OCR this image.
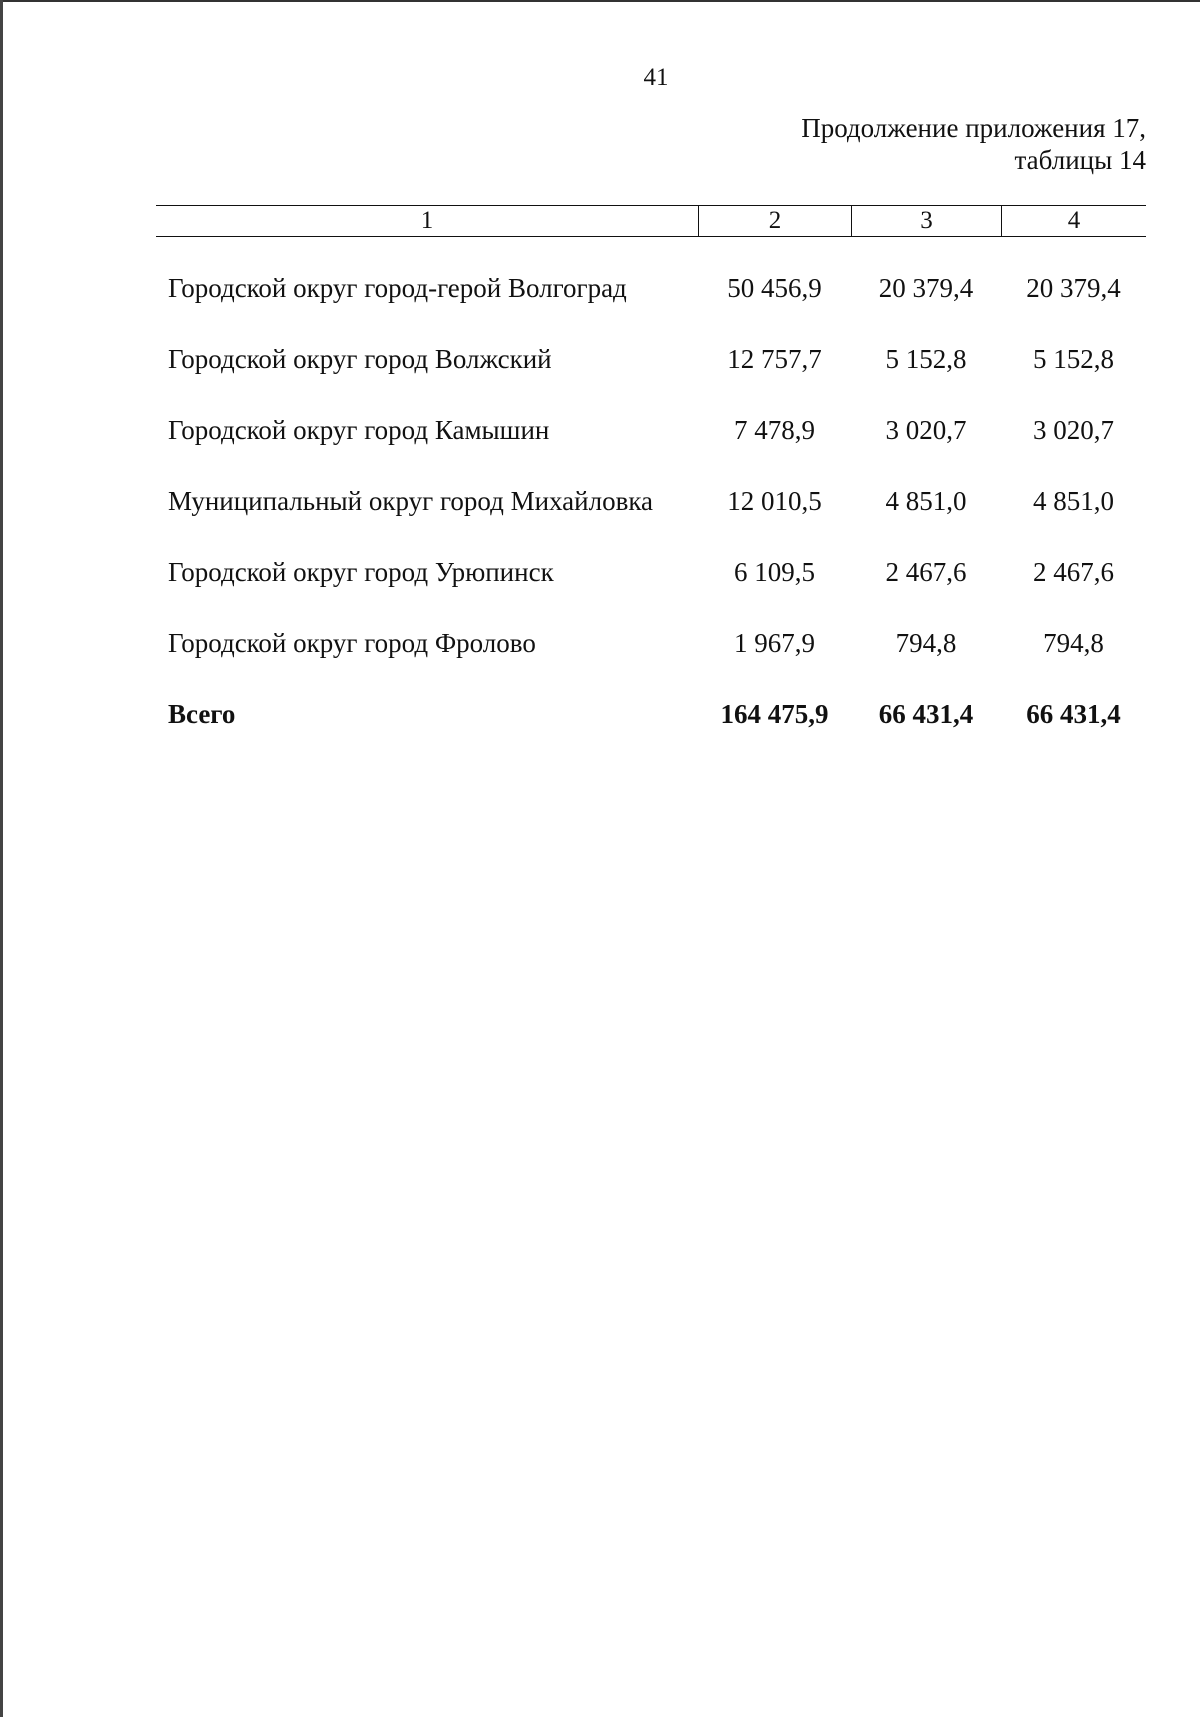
41
Продолжение приложения 17,
таблицы 14
1	2	3	4
Городской округ город-герой Волгоград	50 456,9	20 379,4	20 379,4
Городской округ город Волжский	12 757,7	5 152,8	5 152,8
Городской округ город Камышин	7 478,9	3 020,7	3 020,7
Муниципальный округ город Михайловка	12 010,5	4 851,0	4 851,0
Городской округ город Урюпинск	6 109,5	2 467,6	2 467,6
Городской округ город Фролово	1 967,9	794,8	794,8
Всего	164 475,9	66 431,4	66 431,4
